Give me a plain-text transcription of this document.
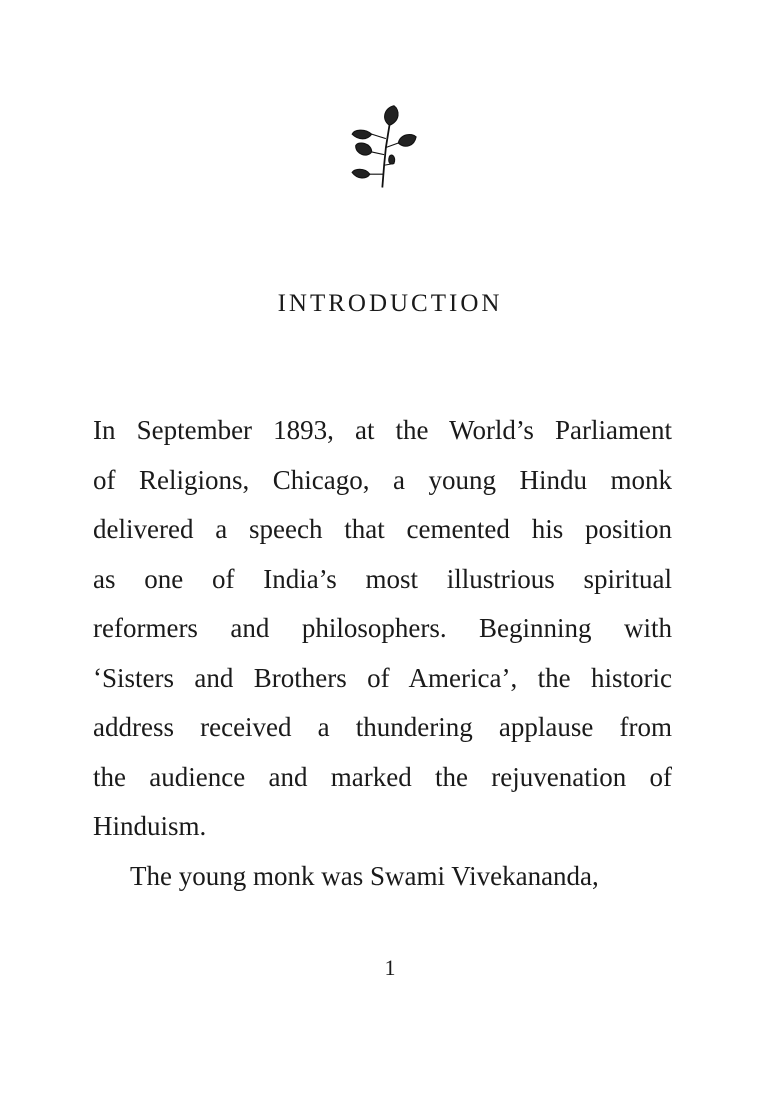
INTRODUCTION
In September 1893, at the World’s Parliament
of Religions, Chicago, a young Hindu monk
delivered a speech that cemented his position
as one of India’s most illustrious spiritual
reformers and philosophers. Beginning with
‘Sisters and Brothers of America’, the historic
address received a thundering applause from
the audience and marked the rejuvenation of
Hinduism.
The young monk was Swami Vivekananda,
1
